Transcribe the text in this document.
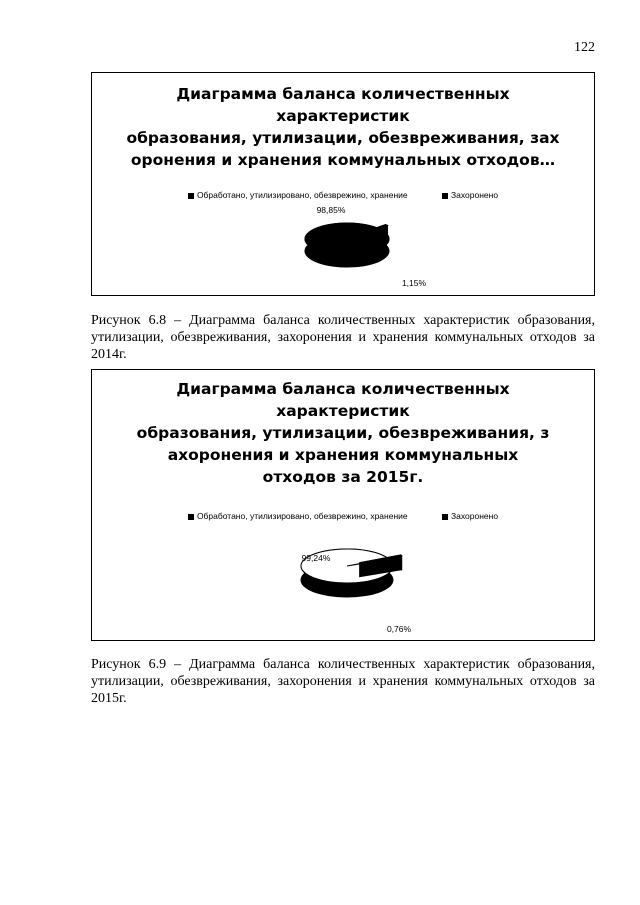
122
Диаграмма баланса количественных
характеристик
образования, утилизации, обезвреживания, зах
оронения и хранения коммунальных отходов…
Обработано, утилизировано, обезврежино, хранение	Захоронено
98,85%
1,15%

Рисунок 6.8 – Диаграмма баланса количественных характеристик образования, утилизации, обезвреживания, захоронения и хранения коммунальных отходов за 2014г.

Диаграмма баланса количественных
характеристик
образования, утилизации, обезвреживания, з
ахоронения и хранения коммунальных
отходов за 2015г.
Обработано, утилизировано, обезврежино, хранение	Захоронено
99,24%
0,76%

Рисунок 6.9 – Диаграмма баланса количественных характеристик образования, утилизации, обезвреживания, захоронения и хранения коммунальных отходов за 2015г.
